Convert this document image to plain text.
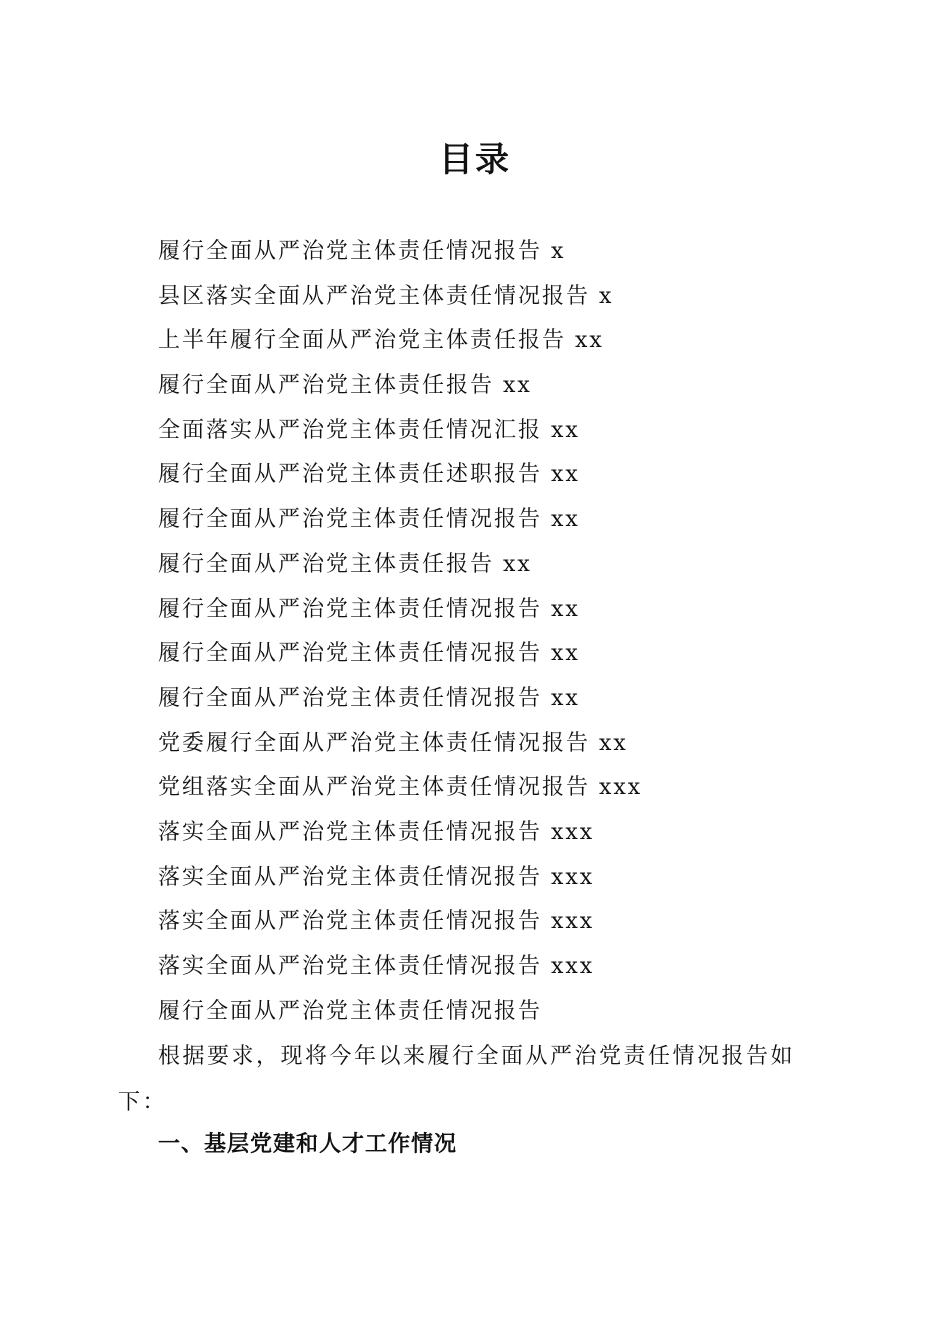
目录
履行全面从严治党主体责任情况报告 x
县区落实全面从严治党主体责任情况报告 x
上半年履行全面从严治党主体责任报告 xx
履行全面从严治党主体责任报告 xx
全面落实从严治党主体责任情况汇报 xx
履行全面从严治党主体责任述职报告 xx
履行全面从严治党主体责任情况报告 xx
履行全面从严治党主体责任报告 xx
履行全面从严治党主体责任情况报告 xx
履行全面从严治党主体责任情况报告 xx
履行全面从严治党主体责任情况报告 xx
党委履行全面从严治党主体责任情况报告 xx
党组落实全面从严治党主体责任情况报告 xxx
落实全面从严治党主体责任情况报告 xxx
落实全面从严治党主体责任情况报告 xxx
落实全面从严治党主体责任情况报告 xxx
落实全面从严治党主体责任情况报告 xxx
履行全面从严治党主体责任情况报告

根据要求，现将今年以来履行全面从严治党责任情况报告如下：

一、基层党建和人才工作情况
